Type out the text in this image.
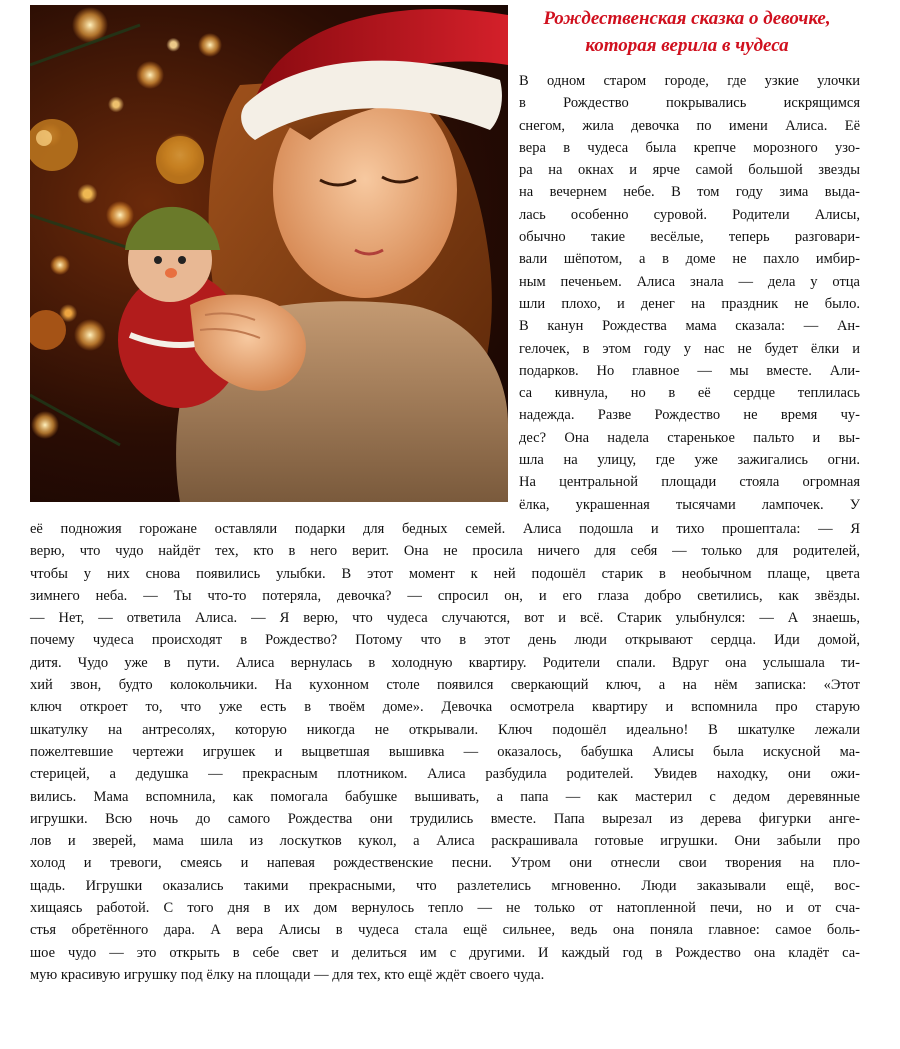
Рождественская сказка о девочке,
которая верила в чудеса

В одном старом городе, где узкие улочки
в Рождество покрывались искрящимся
снегом, жила девочка по имени Алиса. Её
вера в чудеса была крепче морозного узо-
ра на окнах и ярче самой большой звезды
на вечернем небе. В том году зима выда-
лась особенно суровой. Родители Алисы,
обычно такие весёлые, теперь разговари-
вали шёпотом, а в доме не пахло имбир-
ным печеньем. Алиса знала — дела у отца
шли плохо, и денег на праздник не было.
В канун Рождества мама сказала: — Ан-
гелочек, в этом году у нас не будет ёлки и
подарков. Но главное — мы вместе. Али-
са кивнула, но в её сердце теплилась
надежда. Разве Рождество не время чу-
дес? Она надела старенькое пальто и вы-
шла на улицу, где уже зажигались огни.
На центральной площади стояла огромная
ёлка, украшенная тысячами лампочек. У

её подножия горожане оставляли подарки для бедных семей. Алиса подошла и тихо прошептала: — Я
верю, что чудо найдёт тех, кто в него верит. Она не просила ничего для себя — только для родителей,
чтобы у них снова появились улыбки. В этот момент к ней подошёл старик в необычном плаще, цвета
зимнего неба. — Ты что-то потеряла, девочка? — спросил он, и его глаза добро светились, как звёзды.
— Нет, — ответила Алиса. — Я верю, что чудеса случаются, вот и всё. Старик улыбнулся: — А знаешь,
почему чудеса происходят в Рождество? Потому что в этот день люди открывают сердца. Иди домой,
дитя. Чудо уже в пути. Алиса вернулась в холодную квартиру. Родители спали. Вдруг она услышала ти-
хий звон, будто колокольчики. На кухонном столе появился сверкающий ключ, а на нём записка: «Этот
ключ откроет то, что уже есть в твоём доме». Девочка осмотрела квартиру и вспомнила про старую
шкатулку на антресолях, которую никогда не открывали. Ключ подошёл идеально! В шкатулке лежали
пожелтевшие чертежи игрушек и выцветшая вышивка — оказалось, бабушка Алисы была искусной ма-
стерицей, а дедушка — прекрасным плотником. Алиса разбудила родителей. Увидев находку, они ожи-
вились. Мама вспомнила, как помогала бабушке вышивать, а папа — как мастерил с дедом деревянные
игрушки. Всю ночь до самого Рождества они трудились вместе. Папа вырезал из дерева фигурки анге-
лов и зверей, мама шила из лоскутков кукол, а Алиса раскрашивала готовые игрушки. Они забыли про
холод и тревоги, смеясь и напевая рождественские песни. Утром они отнесли свои творения на пло-
щадь. Игрушки оказались такими прекрасными, что разлетелись мгновенно. Люди заказывали ещё, вос-
хищаясь работой. С того дня в их дом вернулось тепло — не только от натопленной печи, но и от сча-
стья обретённого дара. А вера Алисы в чудеса стала ещё сильнее, ведь она поняла главное: самое боль-
шое чудо — это открыть в себе свет и делиться им с другими. И каждый год в Рождество она кладёт са-
мую красивую игрушку под ёлку на площади — для тех, кто ещё ждёт своего чуда.
